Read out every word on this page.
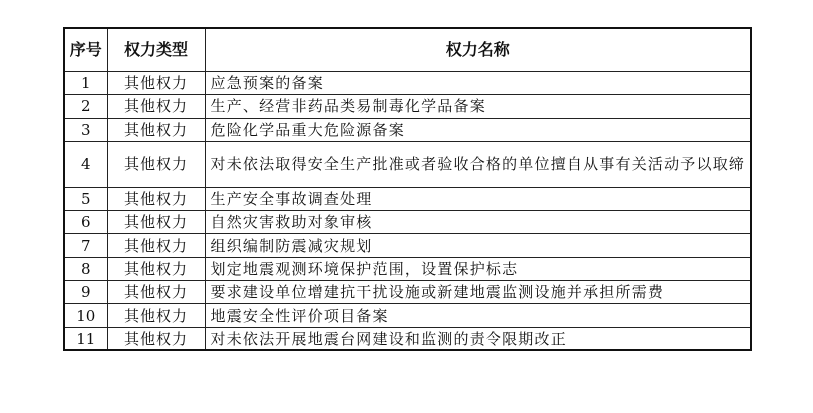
序号	权力类型	权力名称
1	其他权力	应急预案的备案
2	其他权力	生产、经营非药品类易制毒化学品备案
3	其他权力	危险化学品重大危险源备案
4	其他权力	对未依法取得安全生产批准或者验收合格的单位擅自从事有关活动予以取缔
5	其他权力	生产安全事故调查处理
6	其他权力	自然灾害救助对象审核
7	其他权力	组织编制防震减灾规划
8	其他权力	划定地震观测环境保护范围，设置保护标志
9	其他权力	要求建设单位增建抗干扰设施或新建地震监测设施并承担所需费
10	其他权力	地震安全性评价项目备案
11	其他权力	对未依法开展地震台网建设和监测的责令限期改正
